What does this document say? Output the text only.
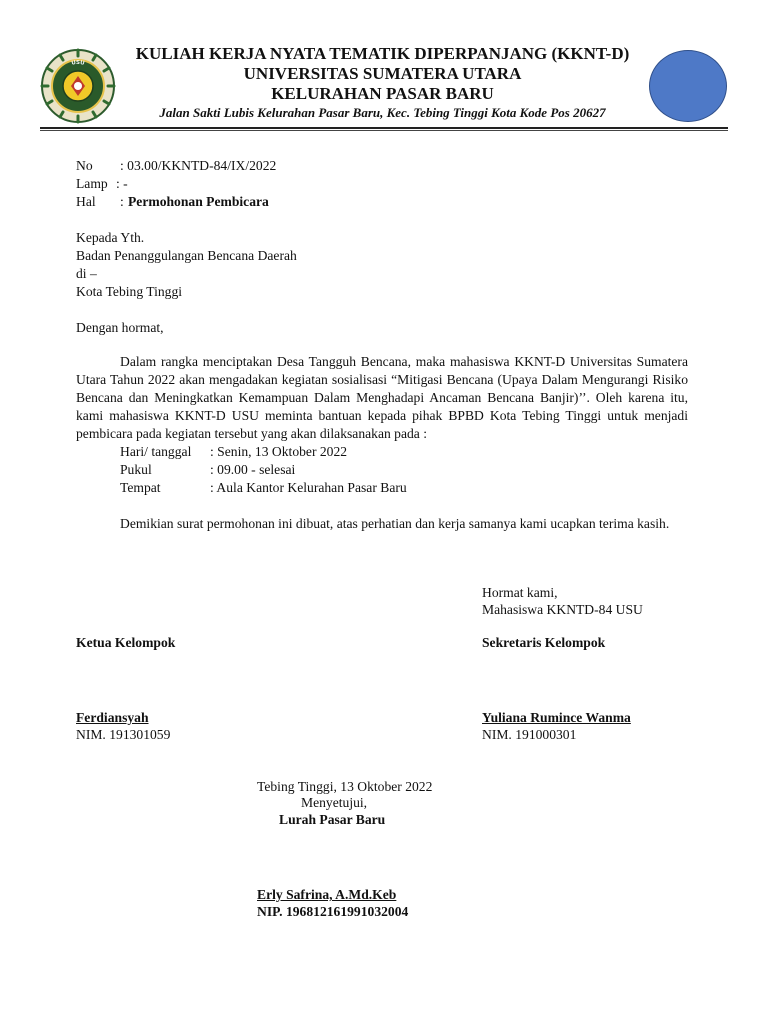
USU
KULIAH KERJA NYATA TEMATIK DIPERPANJANG (KKNT-D)
UNIVERSITAS SUMATERA UTARA
KELURAHAN PASAR BARU
Jalan Sakti Lubis Kelurahan Pasar Baru, Kec. Tebing Tinggi Kota Kode Pos 20627
No : 03.00/KKNTD-84/IX/2022
Lamp : -
Hal : Permohonan Pembicara
Kepada Yth.
Badan Penanggulangan Bencana Daerah
di –
Kota Tebing Tinggi
Dengan hormat,
Dalam rangka menciptakan Desa Tangguh Bencana, maka mahasiswa KKNT-D Universitas Sumatera Utara Tahun 2022 akan mengadakan kegiatan sosialisasi “Mitigasi Bencana (Upaya Dalam Mengurangi Risiko Bencana dan Meningkatkan Kemampuan Dalam Menghadapi Ancaman Bencana Banjir)’’. Oleh karena itu, kami mahasiswa KKNT-D USU meminta bantuan kepada pihak BPBD Kota Tebing Tinggi untuk menjadi pembicara pada kegiatan tersebut yang akan dilaksanakan pada :
Hari/ tanggal : Senin, 13 Oktober 2022
Pukul	: 09.00 - selesai
Tempat	: Aula Kantor Kelurahan Pasar Baru
Demikian surat permohonan ini dibuat, atas perhatian dan kerja samanya kami ucapkan terima kasih.
Hormat kami,
Mahasiswa KKNTD-84 USU
Ketua Kelompok	Sekretaris Kelompok
Ferdiansyah
NIM. 191301059
Yuliana Rumince Wanma
NIM. 191000301
Tebing Tinggi, 13 Oktober 2022
Menyetujui,
Lurah Pasar Baru
Erly Safrina, A.Md.Keb
NIP. 196812161991032004
